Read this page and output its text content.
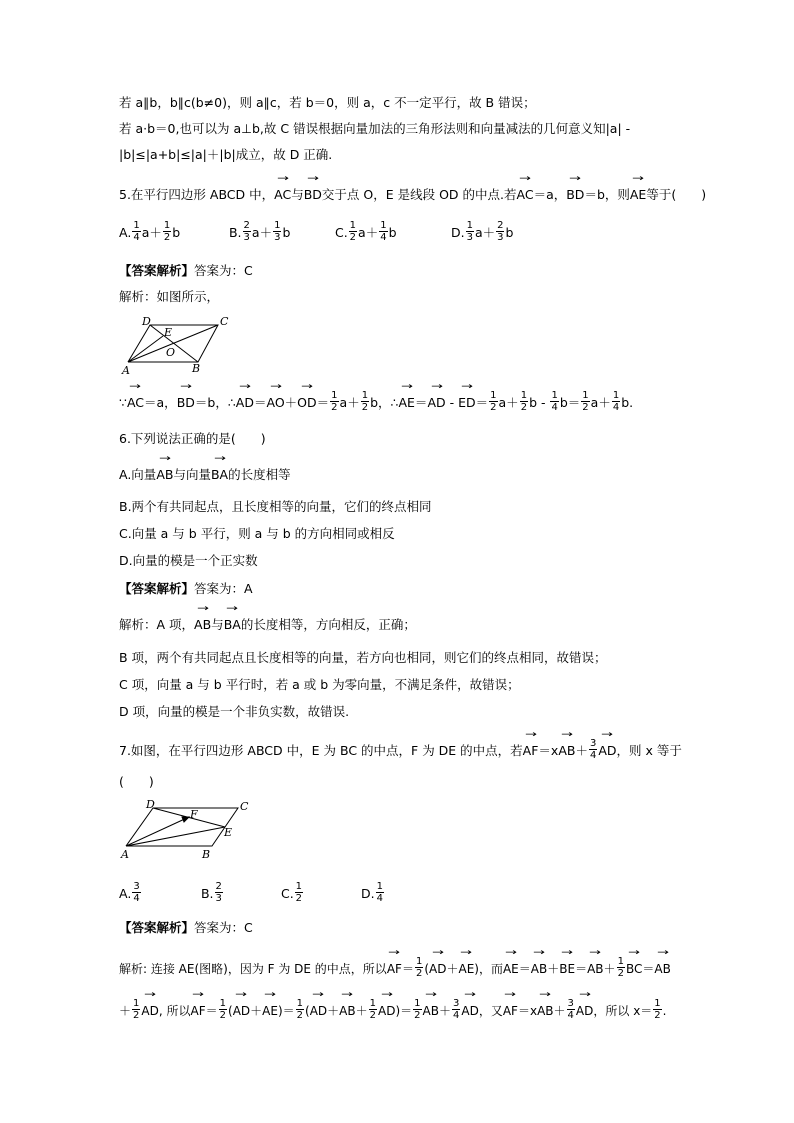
若 a∥b，b∥c(b≠0)，则 a∥c，若 b＝0，则 a，c 不一定平行，故 B 错误；
若 a·b＝0,也可以为 a⊥b,故 C 错误根据向量加法的三角形法则和向量减法的几何意义知|a| -
|b|≤|a+b|≤|a|＋|b|成立，故 D 正确.
5.在平行四边形 ABCD 中，→ AC与→ BD交于点 O，E 是线段 OD 的中点.若→ AC＝a，→ BD＝b，则→ AE等于(　　)
A. $\frac{1}{4} a+ \frac{1}{2}$ b	B. $\frac{2}{3} a+ \frac{1}{3}$ b	C. $\frac{1}{2} a+ \frac{1}{4}$ b	D. $\frac{1}{3} a+ \frac{2}{3}$ b
【答案解析】答案为：C
解析：如图所示，
D
E
C
O
A	B
∵→ AC＝a，→ BD＝b，∴→ $AD=\to AO+\to OD= \frac{1}{2} a+ \frac{1}{2}$ b，∴→ AE＝→ AD - → $ED= \frac{1}{2} a+ \frac{1}{2}$ $b - \frac{1}{4} b= \frac{1}{2} a+ \frac{1}{4} b$.
6.下列说法正确的是(　　)
A.向量→ AB与向量→ BA的长度相等
B.两个有共同起点，且长度相等的向量，它们的终点相同
C.向量 a 与 b 平行，则 a 与 b 的方向相同或相反
D.向量的模是一个正实数
【答案解析】答案为：A
解析：A 项，→ AB与→ BA的长度相等，方向相反，正确；
B 项，两个有共同起点且长度相等的向量，若方向也相同，则它们的终点相同，故错误；
C 项，向量 a 与 b 平行时，若 a 或 b 为零向量，不满足条件，故错误；
D 项，向量的模是一个非负实数，故错误.
7.如图，在平行四边形 ABCD 中，E 为 BC 的中点，F 为 DE 的中点，若→ $AF=x\to AB+ \frac{3}{4}$
→ AD，则 x 等于
(　　)
D	C
F
E
A	B
A. $\frac{3}{4}$	B. $\frac{2}{3}$	C. $\frac{1}{2}$	D. $\frac{1}{4}$
【答案解析】答案为：C
解析: 连接 AE(图略)，因为 F 为 DE 的中点，所以→ $AF= \frac{1}{2}$ (→ AD＋→ AE)，而→ $AE=\to AB+\to BE=\to AB+ \frac{1}{2}$
→ BC＝→ AB
＋ $\frac{1}{2}$
→ AD, 所以→ $AF= \frac{1}{2}$ (→ $AD+\to AE)= \frac{1}{2}$ (→ $AD+\to AB+ \frac{1}{2}$
→ $AD)= \frac{1}{2}$
→ $AB+ \frac{3}{4}$
→ AD，又→ $AF=x\to AB+ \frac{3}{4}$
→ AD，所以 $x= \frac{1}{2}$ .
